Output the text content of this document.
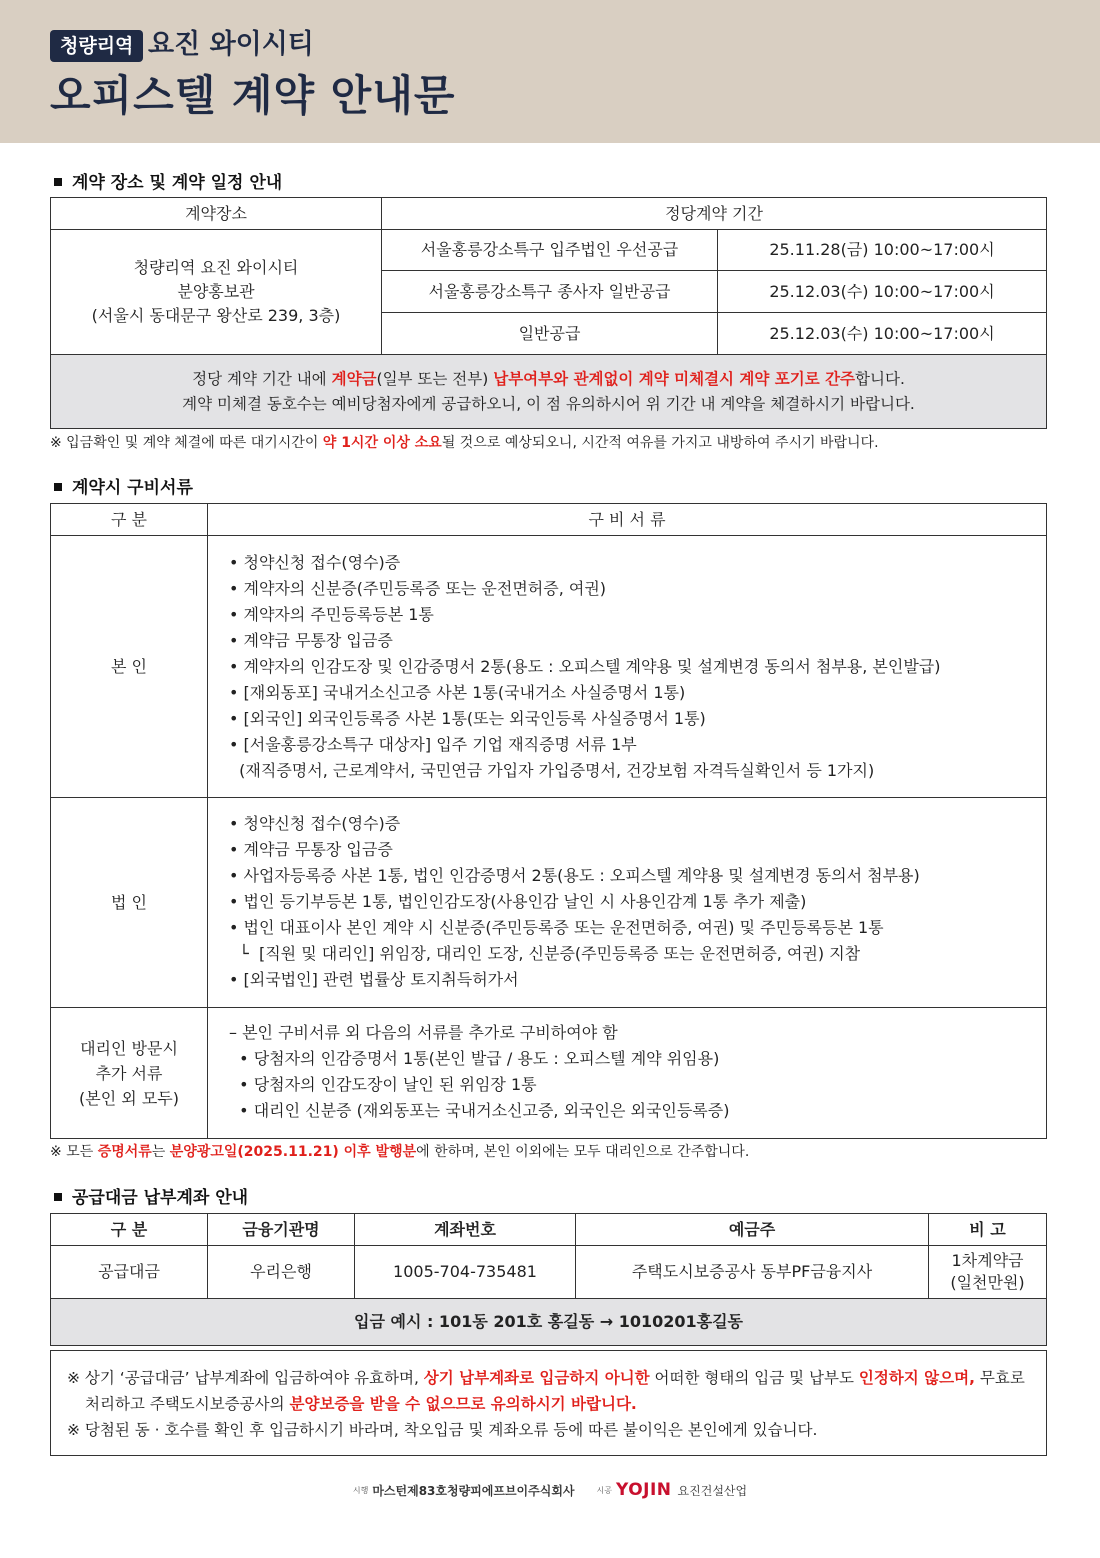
청량리역 요진 와이시티
오피스텔 계약 안내문
계약 장소 및 계약 일정 안내
계약장소	정당계약 기간
청량리역 요진 와이시티
분양홍보관
(서울시 동대문구 왕산로 239, 3층)
서울홍릉강소특구 입주법인 우선공급	25.11.28(금) 10:00~17:00시
서울홍릉강소특구 종사자 일반공급	25.12.03(수) 10:00~17:00시
일반공급	25.12.03(수) 10:00~17:00시
정당 계약 기간 내에 계약금(일부 또는 전부) 납부여부와 관계없이 계약 미체결시 계약 포기로 간주합니다.
계약 미체결 동호수는 예비당첨자에게 공급하오니, 이 점 유의하시어 위 기간 내 계약을 체결하시기 바랍니다.
※ 입금확인 및 계약 체결에 따른 대기시간이 약 1시간 이상 소요될 것으로 예상되오니, 시간적 여유를 가지고 내방하여 주시기 바랍니다.
계약시 구비서류
구 분	구 비 서 류
본 인
• 청약신청 접수(영수)증
• 계약자의 신분증(주민등록증 또는 운전면허증, 여권)
• 계약자의 주민등록등본 1통
• 계약금 무통장 입금증
• 계약자의 인감도장 및 인감증명서 2통(용도 : 오피스텔 계약용 및 설계변경 동의서 첨부용, 본인발급)
• [재외동포] 국내거소신고증 사본 1통(국내거소 사실증명서 1통)
• [외국인] 외국인등록증 사본 1통(또는 외국인등록 사실증명서 1통)
• [서울홍릉강소특구 대상자] 입주 기업 재직증명 서류 1부
(재직증명서, 근로계약서, 국민연금 가입자 가입증명서, 건강보험 자격득실확인서 등 1가지)
법 인
• 청약신청 접수(영수)증
• 계약금 무통장 입금증
• 사업자등록증 사본 1통, 법인 인감증명서 2통(용도 : 오피스텔 계약용 및 설계변경 동의서 첨부용)
• 법인 등기부등본 1통, 법인인감도장(사용인감 날인 시 사용인감계 1통 추가 제출)
• 법인 대표이사 본인 계약 시 신분증(주민등록증 또는 운전면허증, 여권) 및 주민등록등본 1통
└  [직원 및 대리인] 위임장, 대리인 도장, 신분증(주민등록증 또는 운전면허증, 여권) 지참
• [외국법인] 관련 법률상 토지취득허가서
대리인 방문시
추가 서류
(본인 외 모두)
– 본인 구비서류 외 다음의 서류를 추가로 구비하여야 함
• 당첨자의 인감증명서 1통(본인 발급 / 용도 : 오피스텔 계약 위임용)
• 당첨자의 인감도장이 날인 된 위임장 1통
• 대리인 신분증 (재외동포는 국내거소신고증, 외국인은 외국인등록증)
※ 모든 증명서류는 분양광고일(2025.11.21) 이후 발행분에 한하며, 본인 이외에는 모두 대리인으로 간주합니다.
공급대금 납부계좌 안내
구 분	금융기관명	계좌번호	예금주	비 고
공급대금	우리은행	1005-704-735481	주택도시보증공사 동부PF금융지사
1차계약금
(일천만원)
입금 예시 : 101동 201호 홍길동 → 1010201홍길동
※ 상기 ‘공급대금’ 납부계좌에 입금하여야 유효하며, 상기 납부계좌로 입금하지 아니한 어떠한 형태의 입금 및 납부도 인정하지 않으며, 무효로
처리하고 주택도시보증공사의 분양보증을 받을 수 없으므로 유의하시기 바랍니다.
※ 당첨된 동 · 호수를 확인 후 입금하시기 바라며, 착오입금 및 계좌오류 등에 따른 불이익은 본인에게 있습니다.
시행 마스턴제83호청량피에프브이주식회사	시공 YOJIN 요진건설산업
